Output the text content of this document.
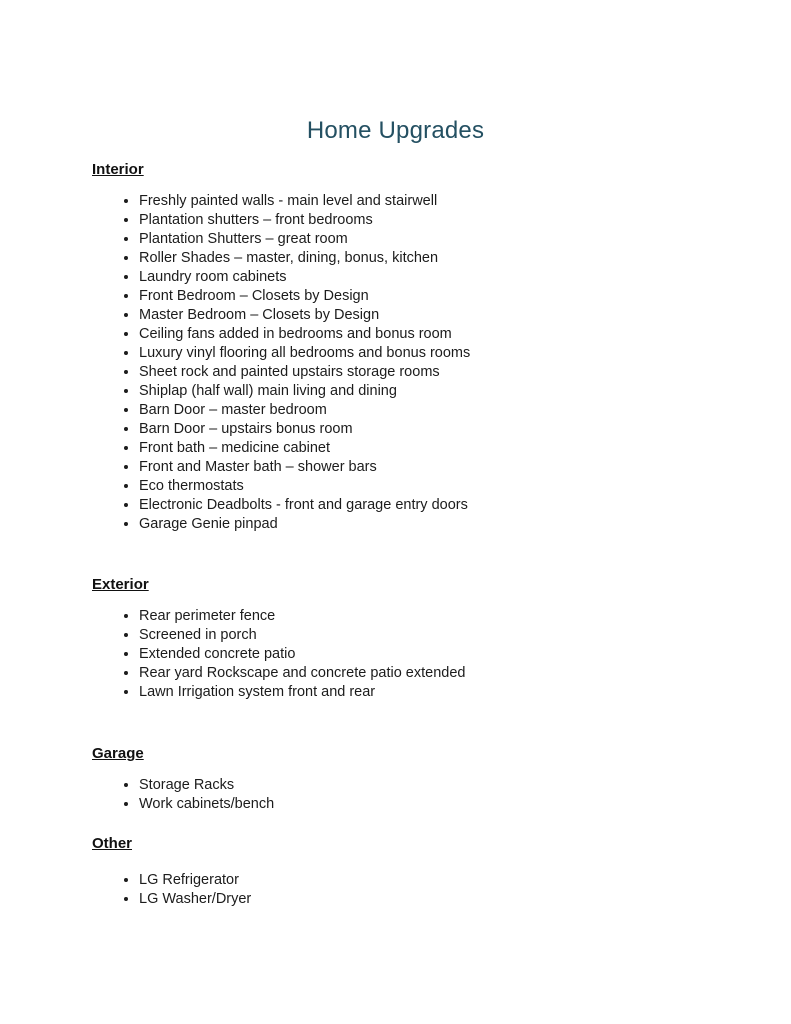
Home Upgrades
Interior
• Freshly painted walls - main level and stairwell
• Plantation shutters – front bedrooms
• Plantation Shutters – great room
• Roller Shades – master, dining, bonus, kitchen
• Laundry room cabinets
• Front Bedroom – Closets by Design
• Master Bedroom – Closets by Design
• Ceiling fans added in bedrooms and bonus room
• Luxury vinyl flooring all bedrooms and bonus rooms
• Sheet rock and painted upstairs storage rooms
• Shiplap (half wall) main living and dining
• Barn Door – master bedroom
• Barn Door – upstairs bonus room
• Front bath – medicine cabinet
• Front and Master bath – shower bars
• Eco thermostats
• Electronic Deadbolts - front and garage entry doors
• Garage Genie pinpad
Exterior
• Rear perimeter fence
• Screened in porch
• Extended concrete patio
• Rear yard Rockscape and concrete patio extended
• Lawn Irrigation system front and rear
Garage
• Storage Racks
• Work cabinets/bench
Other
• LG Refrigerator
• LG Washer/Dryer
